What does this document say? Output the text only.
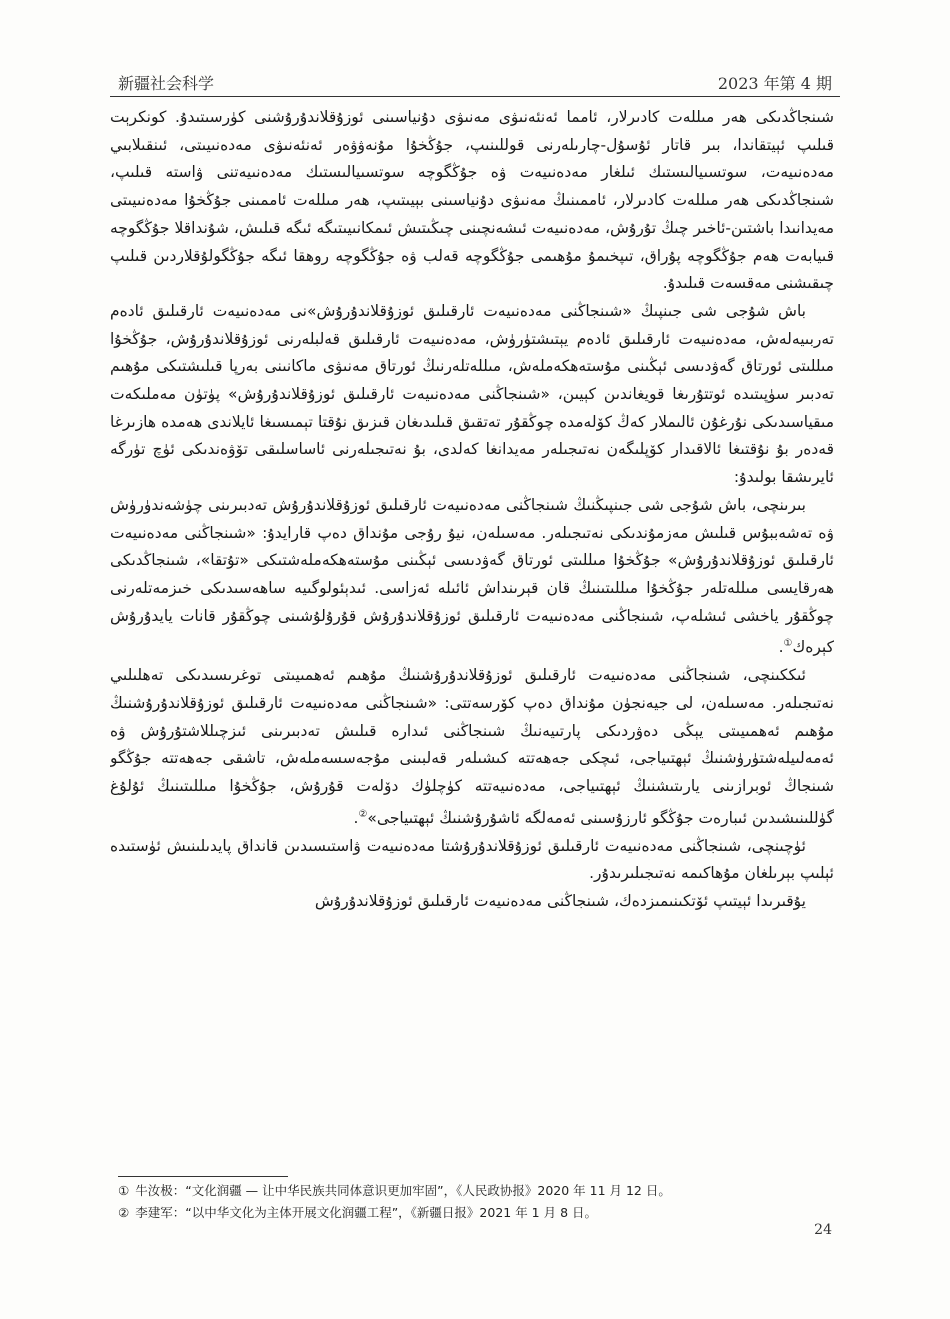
新疆社会科学	2023 年第 4 期

شىنجاڭدىكى ھەر مىللەت كادىرلار، ئامما ئەنئەنىۋى مەنىۋى دۇنياسىنى ئوزۇقلاندۇرۇشنى كۈرسىتىدۇ. كونكرېت قىلىپ ئېيتقاندا، بىر قاتار ئۇسۇل-چارىلەرنى قوللىنىپ، جۇڭخۇا مۇنەۋۋەر ئەنئەنىۋى مەدەنىيىتى، ئىنقىلابىي مەدەنىيەت، سوتسىيالىستىك ئىلغار مەدەنىيەت ۋە جۇڭگوچە سوتسىيالىستىك مەدەنىيەتنى ۋاستە قىلىپ، شىنجاڭدىكى ھەر مىللەت كادىرلار، ئاممىنىڭ مەنىۋى دۇنياسىنى بېيىتىپ، ھەر مىللەت ئاممىنى جۇڭخۇا مەدەنىيىتى مەيدانىدا باشتىن-ئاخىر چىڭ تۇرۇش، مەدەنىيەت ئىشەنچىنى چىڭىتىش ئىمكانىيىتىگە ئىگە قىلىش، شۇنداقلا جۇڭگوچە قىيابەت ھەم جۇڭگوچە پۇراق، تىپخىمۇ مۇھىمى جۇڭگوچە قەلب ۋە جۇڭگوچە روھقا ئىگە جۇڭگولۇقلاردىن قىلىپ چىقىشنى مەقسەت قىلىدۇ.

باش شۇجى شى جىنپىڭ «شىنجاڭنى مەدەنىيەت ئارقىلىق ئوزۇقلاندۇرۇش»نى مەدەنىيەت ئارقىلىق ئادەم تەربىيەلەش، مەدەنىيەت ئارقىلىق ئادەم يېتىشتۈرۈش، مەدەنىيەت ئارقىلىق قەلبلەرنى ئوزۇقلاندۇرۇش، جۇڭخۇا مىللىتى ئورتاق گەۋدىسى ئېڭىنى مۇستەھكەملەش، مىللەتلەرنىڭ ئورتاق مەنىۋى ماكانىنى بەرپا قىلىشتىكى مۇھىم تەدبىر سۈپىتىدە ئوتتۇرىغا قويغاندىن كېيىن، «شىنجاڭنى مەدەنىيەت ئارقىلىق ئوزۇقلاندۇرۇش» پۈتۈن مەملىكەت مىقياسىدىكى نۇرغۇن ئالىملار كەڭ كۆلەمدە چوڭقۇر تەتقىق قىلىدىغان قىزىق نۇقتا تېمىسىغا ئايلاندى ھەمدە ھازىرغا قەدەر بۇ نۇقتىغا ئالاقىدار كۆپلىگەن نەتىجىلەر مەيدانغا كەلدى، بۇ نەتىجىلەرنى ئاساسلىقى تۆۋەندىكى ئۈچ تۈرگە ئايرىشقا بولىدۇ:

بىرىنچى، باش شۇجى شى جىنپىڭنىڭ شىنجاڭنى مەدەنىيەت ئارقىلىق ئوزۇقلاندۇرۇش تەدبىرىنى چۈشەندۈرۈش ۋە تەشەببۇس قىلىش مەزمۇندىكى نەتىجىلەر. مەسىلەن، نيۇ رۇجى مۇنداق دەپ قارايدۇ: «شىنجاڭنى مەدەنىيەت ئارقىلىق ئوزۇقلاندۇرۇش» جۇڭخۇا مىللىتى ئورتاق گەۋدىسى ئېڭىنى مۇستەھكەملەشتىكى «تۇتقا»، شىنجاڭدىكى ھەرقايسى مىللەتلەر جۇڭخۇا مىللىتىنىڭ قان قېرىنداش ئائىلە ئەزاسى. ئىدېئولوگىيە ساھەسىدىكى خىزمەتلەرنى چوڭقۇر ياخشى ئىشلەپ، شىنجاڭنى مەدەنىيەت ئارقىلىق ئوزۇقلاندۇرۇش قۇرۇلۇشىنى چوڭقۇر قانات يايدۇرۇش كېرەك①.

ئىككىنچى، شىنجاڭنى مەدەنىيەت ئارقىلىق ئوزۇقلاندۇرۇشنىڭ مۇھىم ئەھمىيىتى توغرىسىدىكى تەھلىلىي نەتىجىلەر. مەسىلەن، لى جيەنجۈن مۇنداق دەپ كۆرسەتتى: «شىنجاڭنى مەدەنىيەت ئارقىلىق ئوزۇقلاندۇرۇشنىڭ مۇھىم ئەھمىيىتى يېڭى دەۋردىكى پارتىيەنىڭ شىنجاڭنى ئىدارە قىلىش تەدبىرىنى ئىزچىللاشتۇرۇش ۋە ئەمەلىيلەشتۈرۈشنىڭ ئېھتىياجى، ئىچكى جەھەتتە كىشىلەر قەلبىنى مۇجەسسەملەش، تاشقى جەھەتتە جۇڭگو شىنجاڭ ئوبرازىنى يارىتىشنىڭ ئېھتىياجى، مەدەنىيەتتە كۈچلۈك دۆلەت قۇرۇش، جۇڭخۇا مىللىتىنىڭ ئۇلۇغ گۈللىنىشىدىن ئىبارەت جۇڭگو ئارزۇسىنى ئەمەلگە ئاشۇرۇشنىڭ ئېھتىياجى»②.

ئۈچىنچى، شىنجاڭنى مەدەنىيەت ئارقىلىق ئوزۇقلاندۇرۇشتا مەدەنىيەت ۋاستىسىدىن قانداق پايدىلىنىش ئۈستىدە ئېلىپ بېرىلغان مۇھاكىمە نەتىجىلىرىدۇر.

يۇقىرىدا ئېيتىپ ئۆتكىنىمىزدەك، شىنجاڭنى مەدەنىيەت ئارقىلىق ئوزۇقلاندۇرۇش

① 牛汝极：“文化润疆 — 让中华民族共同体意识更加牢固”，《人民政协报》2020 年 11 月 12 日。
② 李建军：“以中华文化为主体开展文化润疆工程”，《新疆日报》2021 年 1 月 8 日。
24
